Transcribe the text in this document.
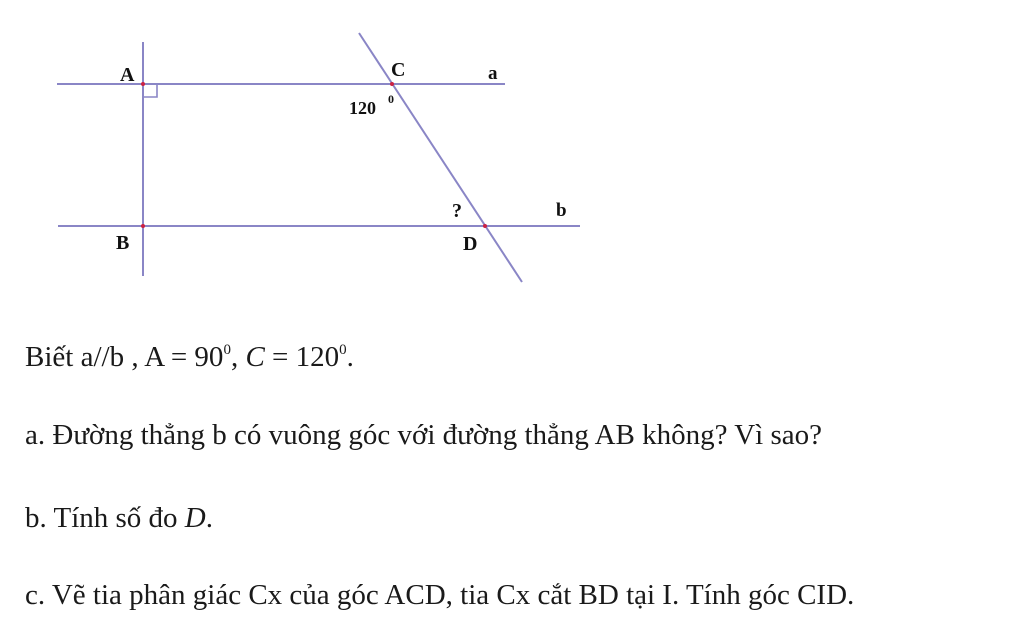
A
B
C
D
a
b
120 0
?

Biết a//b , $A = 90^0$, $C = 120^0$.

a. Đường thẳng b có vuông góc với đường thẳng AB không? Vì sao?

b. Tính số đo D.

c. Vẽ tia phân giác Cx của góc ACD, tia Cx cắt BD tại I. Tính góc CID.
